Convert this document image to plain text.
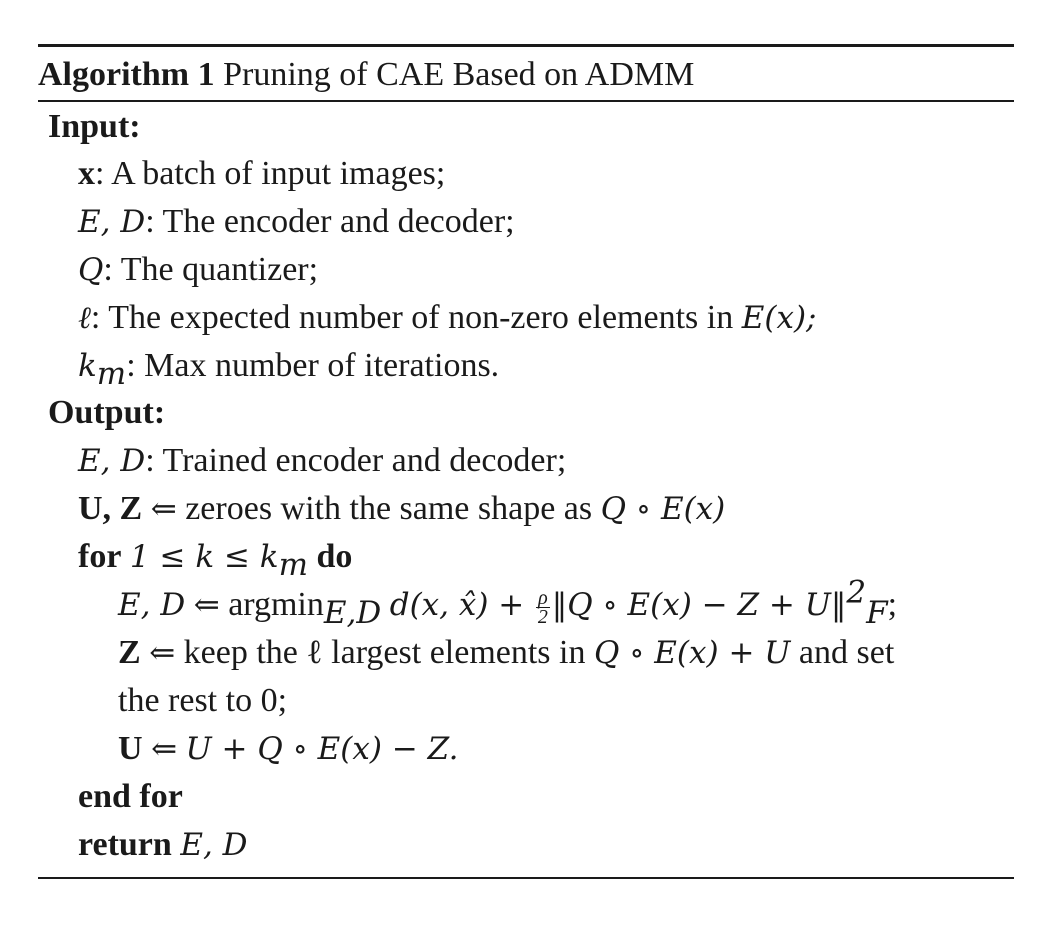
Algorithm 1 Pruning of CAE Based on ADMM
Input:
x: A batch of input images;
E, D: The encoder and decoder;
Q: The quantizer;
ℓ: The expected number of non-zero elements in E(x);
$k_m$: Max number of iterations.
Output:
E, D: Trained encoder and decoder;
U, Z ⇐ zeroes with the same shape as Q ∘ E(x)
for $1 \le k \le k_m$ do
E, D ⇐ argmin$_{E,D}$ d(x, x̂) + $\frac{\rho}{2}$ ‖Q ∘ E(x) − Z + U‖$^2_F$;
Z ⇐ keep the ℓ largest elements in Q ∘ E(x) + U and set
the rest to 0;
U ⇐ U + Q ∘ E(x) − Z.
end for
return E, D
